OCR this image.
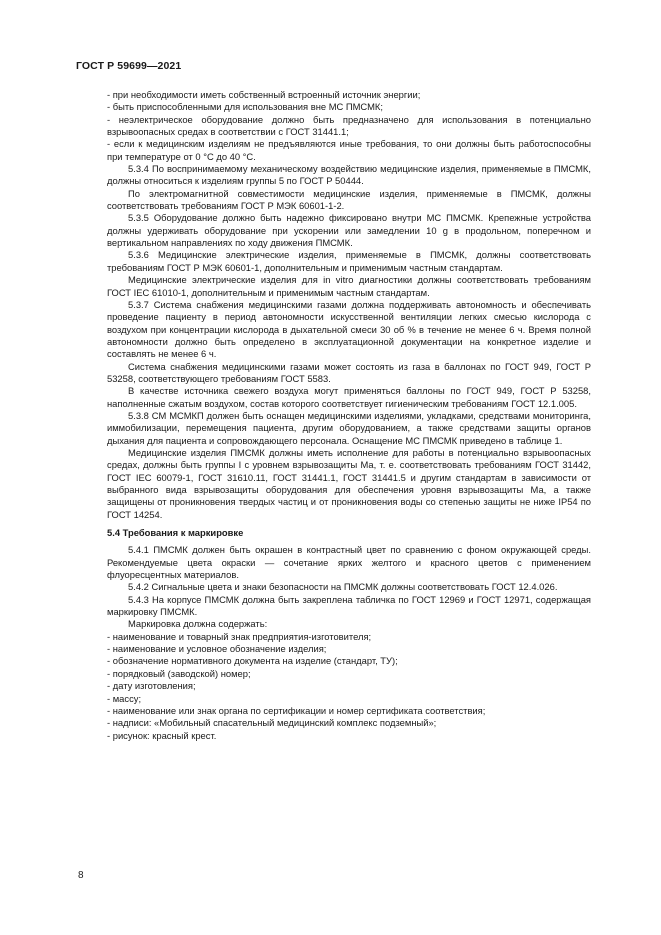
ГОСТ Р 59699—2021

- при необходимости иметь собственный встроенный источник энергии;

- быть приспособленными для использования вне МС ПМСМК;

- неэлектрическое оборудование должно быть предназначено для использования в потенциально взрывоопасных средах в соответствии с ГОСТ 31441.1;

- если к медицинским изделиям не предъявляются иные требования, то они должны быть работоспособны при температуре от 0 °С до 40 °С.

5.3.4 По воспринимаемому механическому воздействию медицинские изделия, применяемые в ПМСМК, должны относиться к изделиям группы 5 по ГОСТ Р 50444.

По электромагнитной совместимости медицинские изделия, применяемые в ПМСМК, должны соответствовать требованиям ГОСТ Р МЭК 60601-1-2.

5.3.5 Оборудование должно быть надежно фиксировано внутри МС ПМСМК. Крепежные устройства должны удерживать оборудование при ускорении или замедлении 10 g в продольном, поперечном и вертикальном направлениях по ходу движения ПМСМК.

5.3.6 Медицинские электрические изделия, применяемые в ПМСМК, должны соответствовать требованиям ГОСТ Р МЭК 60601-1, дополнительным и применимым частным стандартам.

Медицинские электрические изделия для in vitro диагностики должны соответствовать требованиям ГОСТ IEC 61010-1, дополнительным и применимым частным стандартам.

5.3.7 Система снабжения медицинскими газами должна поддерживать автономность и обеспечивать проведение пациенту в период автономности искусственной вентиляции легких смесью кислорода с воздухом при концентрации кислорода в дыхательной смеси 30 об % в течение не менее 6 ч. Время полной автономности должно быть определено в эксплуатационной документации на конкретное изделие и составлять не менее 6 ч.

Система снабжения медицинскими газами может состоять из газа в баллонах по ГОСТ 949, ГОСТ Р 53258, соответствующего требованиям ГОСТ 5583.

В качестве источника свежего воздуха могут применяться баллоны по ГОСТ 949, ГОСТ Р 53258, наполненные сжатым воздухом, состав которого соответствует гигиеническим требованиям ГОСТ 12.1.005.

5.3.8 СМ МСМКП должен быть оснащен медицинскими изделиями, укладками, средствами мониторинга, иммобилизации, перемещения пациента, другим оборудованием, а также средствами защиты органов дыхания для пациента и сопровождающего персонала. Оснащение МС ПМСМК приведено в таблице 1.

Медицинские изделия ПМСМК должны иметь исполнение для работы в потенциально взрывоопасных средах, должны быть группы I с уровнем взрывозащиты Ма, т. е. соответствовать требованиям ГОСТ 31442, ГОСТ IEC 60079-1, ГОСТ 31610.11, ГОСТ 31441.1, ГОСТ 31441.5 и другим стандартам в зависимости от выбранного вида взрывозащиты оборудования для обеспечения уровня взрывозащиты Ма, а также защищены от проникновения твердых частиц и от проникновения воды со степенью защиты не ниже IP54 по ГОСТ 14254.

5.4 Требования к маркировке

5.4.1 ПМСМК должен быть окрашен в контрастный цвет по сравнению с фоном окружающей среды. Рекомендуемые цвета окраски — сочетание ярких желтого и красного цветов с применением флуоресцентных материалов.

5.4.2 Сигнальные цвета и знаки безопасности на ПМСМК должны соответствовать ГОСТ 12.4.026.

5.4.3 На корпусе ПМСМК должна быть закреплена табличка по ГОСТ 12969 и ГОСТ 12971, содержащая маркировку ПМСМК.

Маркировка должна содержать:

- наименование и товарный знак предприятия-изготовителя;

- наименование и условное обозначение изделия;

- обозначение нормативного документа на изделие (стандарт, ТУ);

- порядковый (заводской) номер;

- дату изготовления;

- массу;

- наименование или знак органа по сертификации и номер сертификата соответствия;

- надписи: «Мобильный спасательный медицинский комплекс подземный»;

- рисунок: красный крест.

8
